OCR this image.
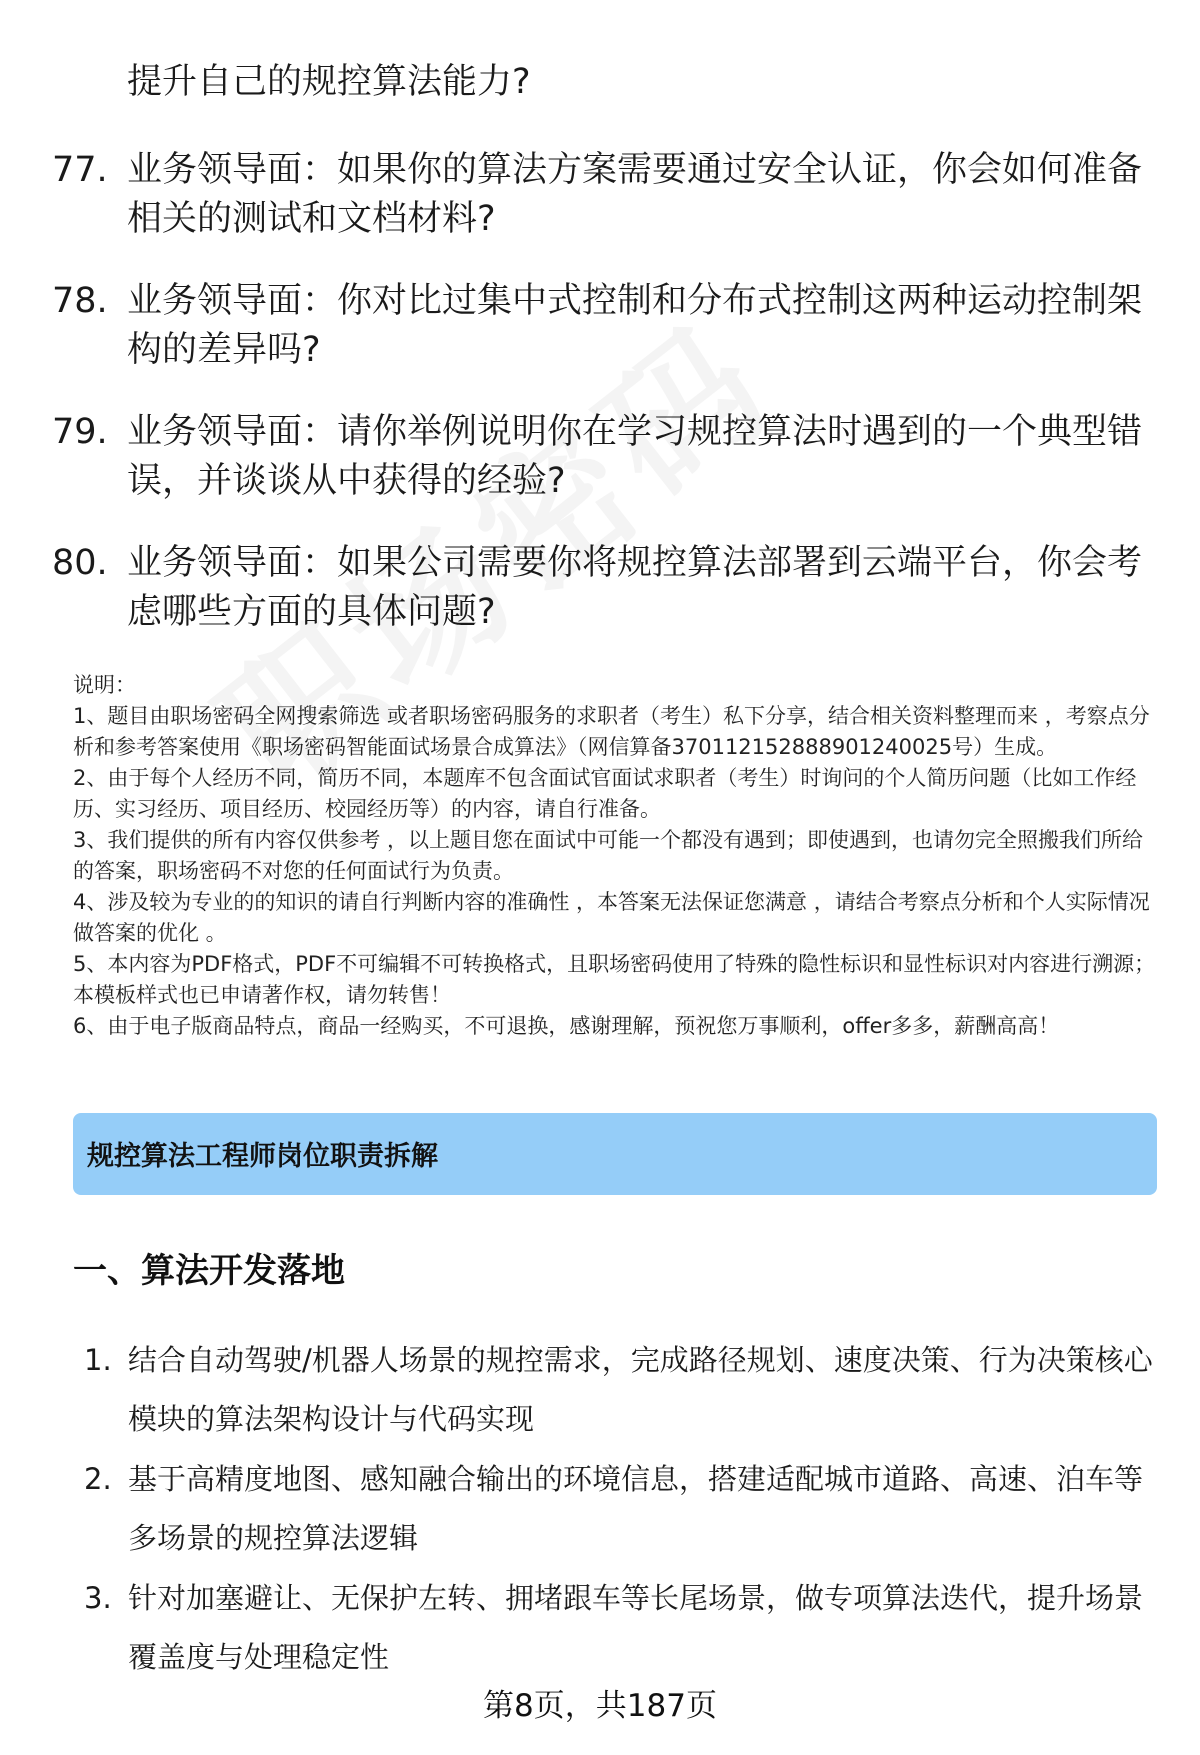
提升自己的规控算法能力?
77. 业务领导面：如果你的算法方案需要通过安全认证，你会如何准备相关的测试和文档材料?
78. 业务领导面：你对比过集中式控制和分布式控制这两种运动控制架构的差异吗?
79. 业务领导面：请你举例说明你在学习规控算法时遇到的一个典型错误，并谈谈从中获得的经验?
80. 业务领导面：如果公司需要你将规控算法部署到云端平台，你会考虑哪些方面的具体问题?

说明：

1、题目由职场密码全网搜索筛选 或者职场密码服务的求职者（考生）私下分享，结合相关资料整理而来 ，考察点分析和参考答案使用《职场密码智能面试场景合成算法》（网信算备370112152888901240025号）生成。

2、由于每个人经历不同，简历不同，本题库不包含面试官面试求职者（考生）时询问的个人简历问题（比如工作经历、实习经历、项目经历、校园经历等）的内容，请自行准备。

3、我们提供的所有内容仅供参考 ，以上题目您在面试中可能一个都没有遇到；即使遇到，也请勿完全照搬我们所给的答案，职场密码不对您的任何面试行为负责。

4、涉及较为专业的的知识的请自行判断内容的准确性 ，本答案无法保证您满意 ，请结合考察点分析和个人实际情况做答案的优化 。

5、本内容为PDF格式，PDF不可编辑不可转换格式，且职场密码使用了特殊的隐性标识和显性标识对内容进行溯源；本模板样式也已申请著作权，请勿转售！

6、由于电子版商品特点，商品一经购买，不可退换，感谢理解，预祝您万事顺利，offer多多，薪酬高高！

规控算法工程师岗位职责拆解
一、算法开发落地
1. 结合自动驾驶/机器人场景的规控需求，完成路径规划、速度决策、行为决策核心模块的算法架构设计与代码实现
2. 基于高精度地图、感知融合输出的环境信息，搭建适配城市道路、高速、泊车等多场景的规控算法逻辑
3. 针对加塞避让、无保护左转、拥堵跟车等长尾场景，做专项算法迭代，提升场景覆盖度与处理稳定性
第8页，共187页
